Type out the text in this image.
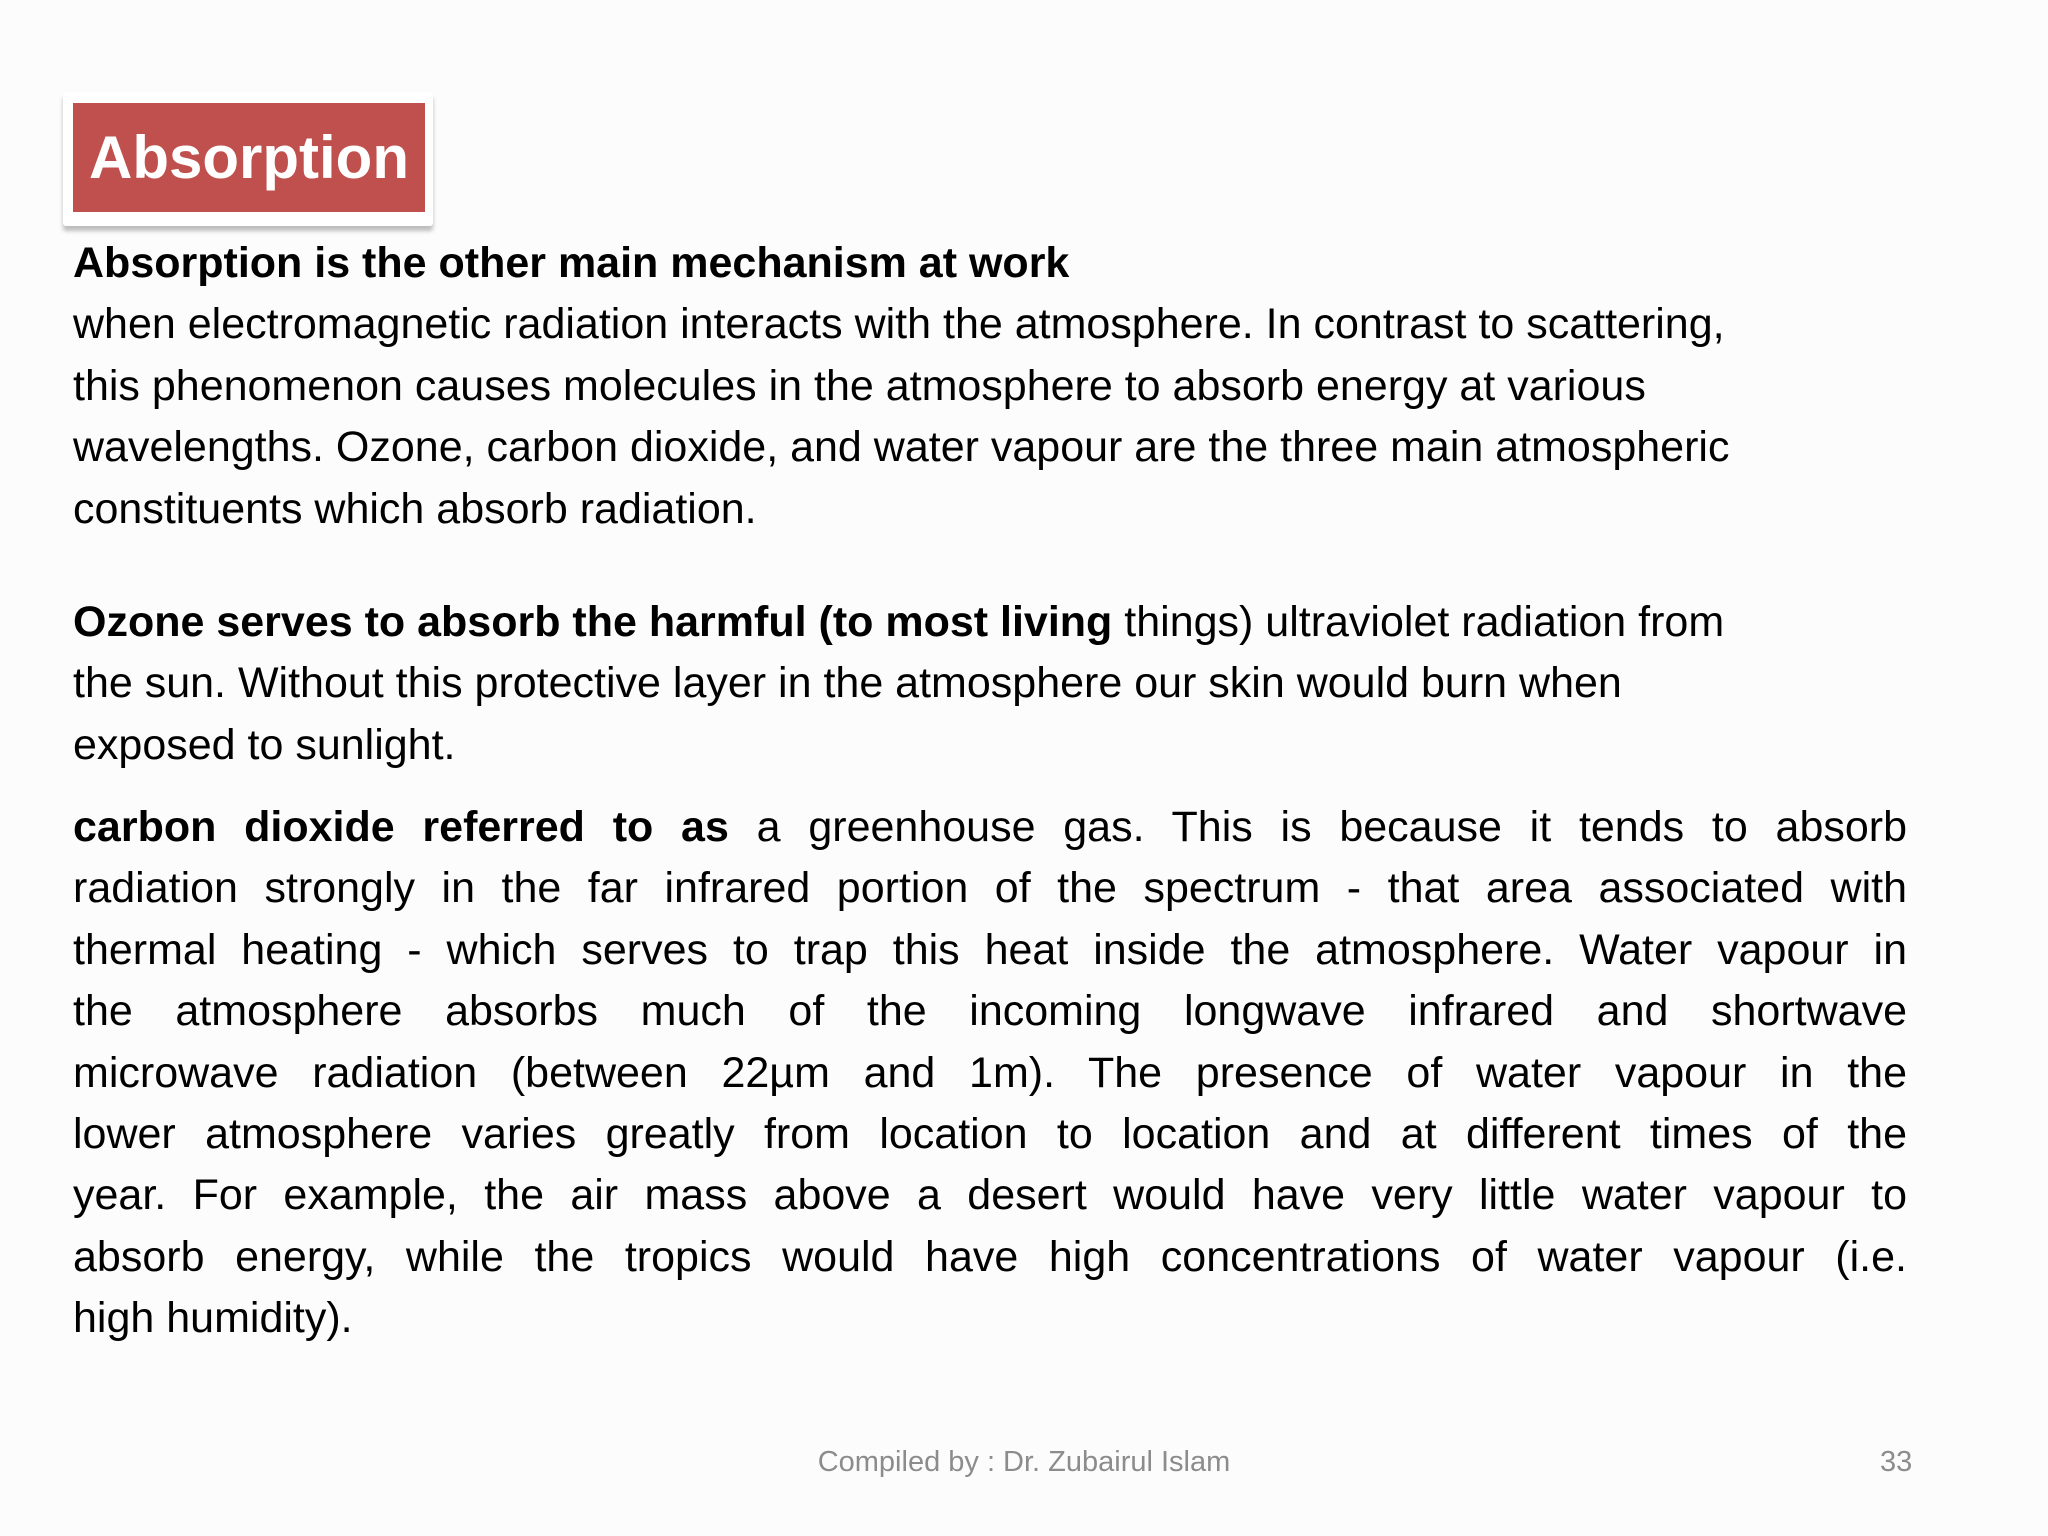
Absorption
Absorption is the other main mechanism at work
when electromagnetic radiation interacts with the atmosphere. In contrast to scattering,
this phenomenon causes molecules in the atmosphere to absorb energy at various
wavelengths. Ozone, carbon dioxide, and water vapour are the three main atmospheric
constituents which absorb radiation.
Ozone serves to absorb the harmful (to most living things) ultraviolet radiation from
the sun. Without this protective layer in the atmosphere our skin would burn when
exposed to sunlight.
carbon dioxide referred to as a greenhouse gas. This is because it tends to absorb
radiation strongly in the far infrared portion of the spectrum - that area associated with
thermal heating - which serves to trap this heat inside the atmosphere. Water vapour in
the atmosphere absorbs much of the incoming longwave infrared and shortwave
microwave radiation (between 22µm and 1m). The presence of water vapour in the
lower atmosphere varies greatly from location to location and at different times of the
year. For example, the air mass above a desert would have very little water vapour to
absorb energy, while the tropics would have high concentrations of water vapour (i.e.
high humidity).
Compiled by : Dr. Zubairul Islam	33
